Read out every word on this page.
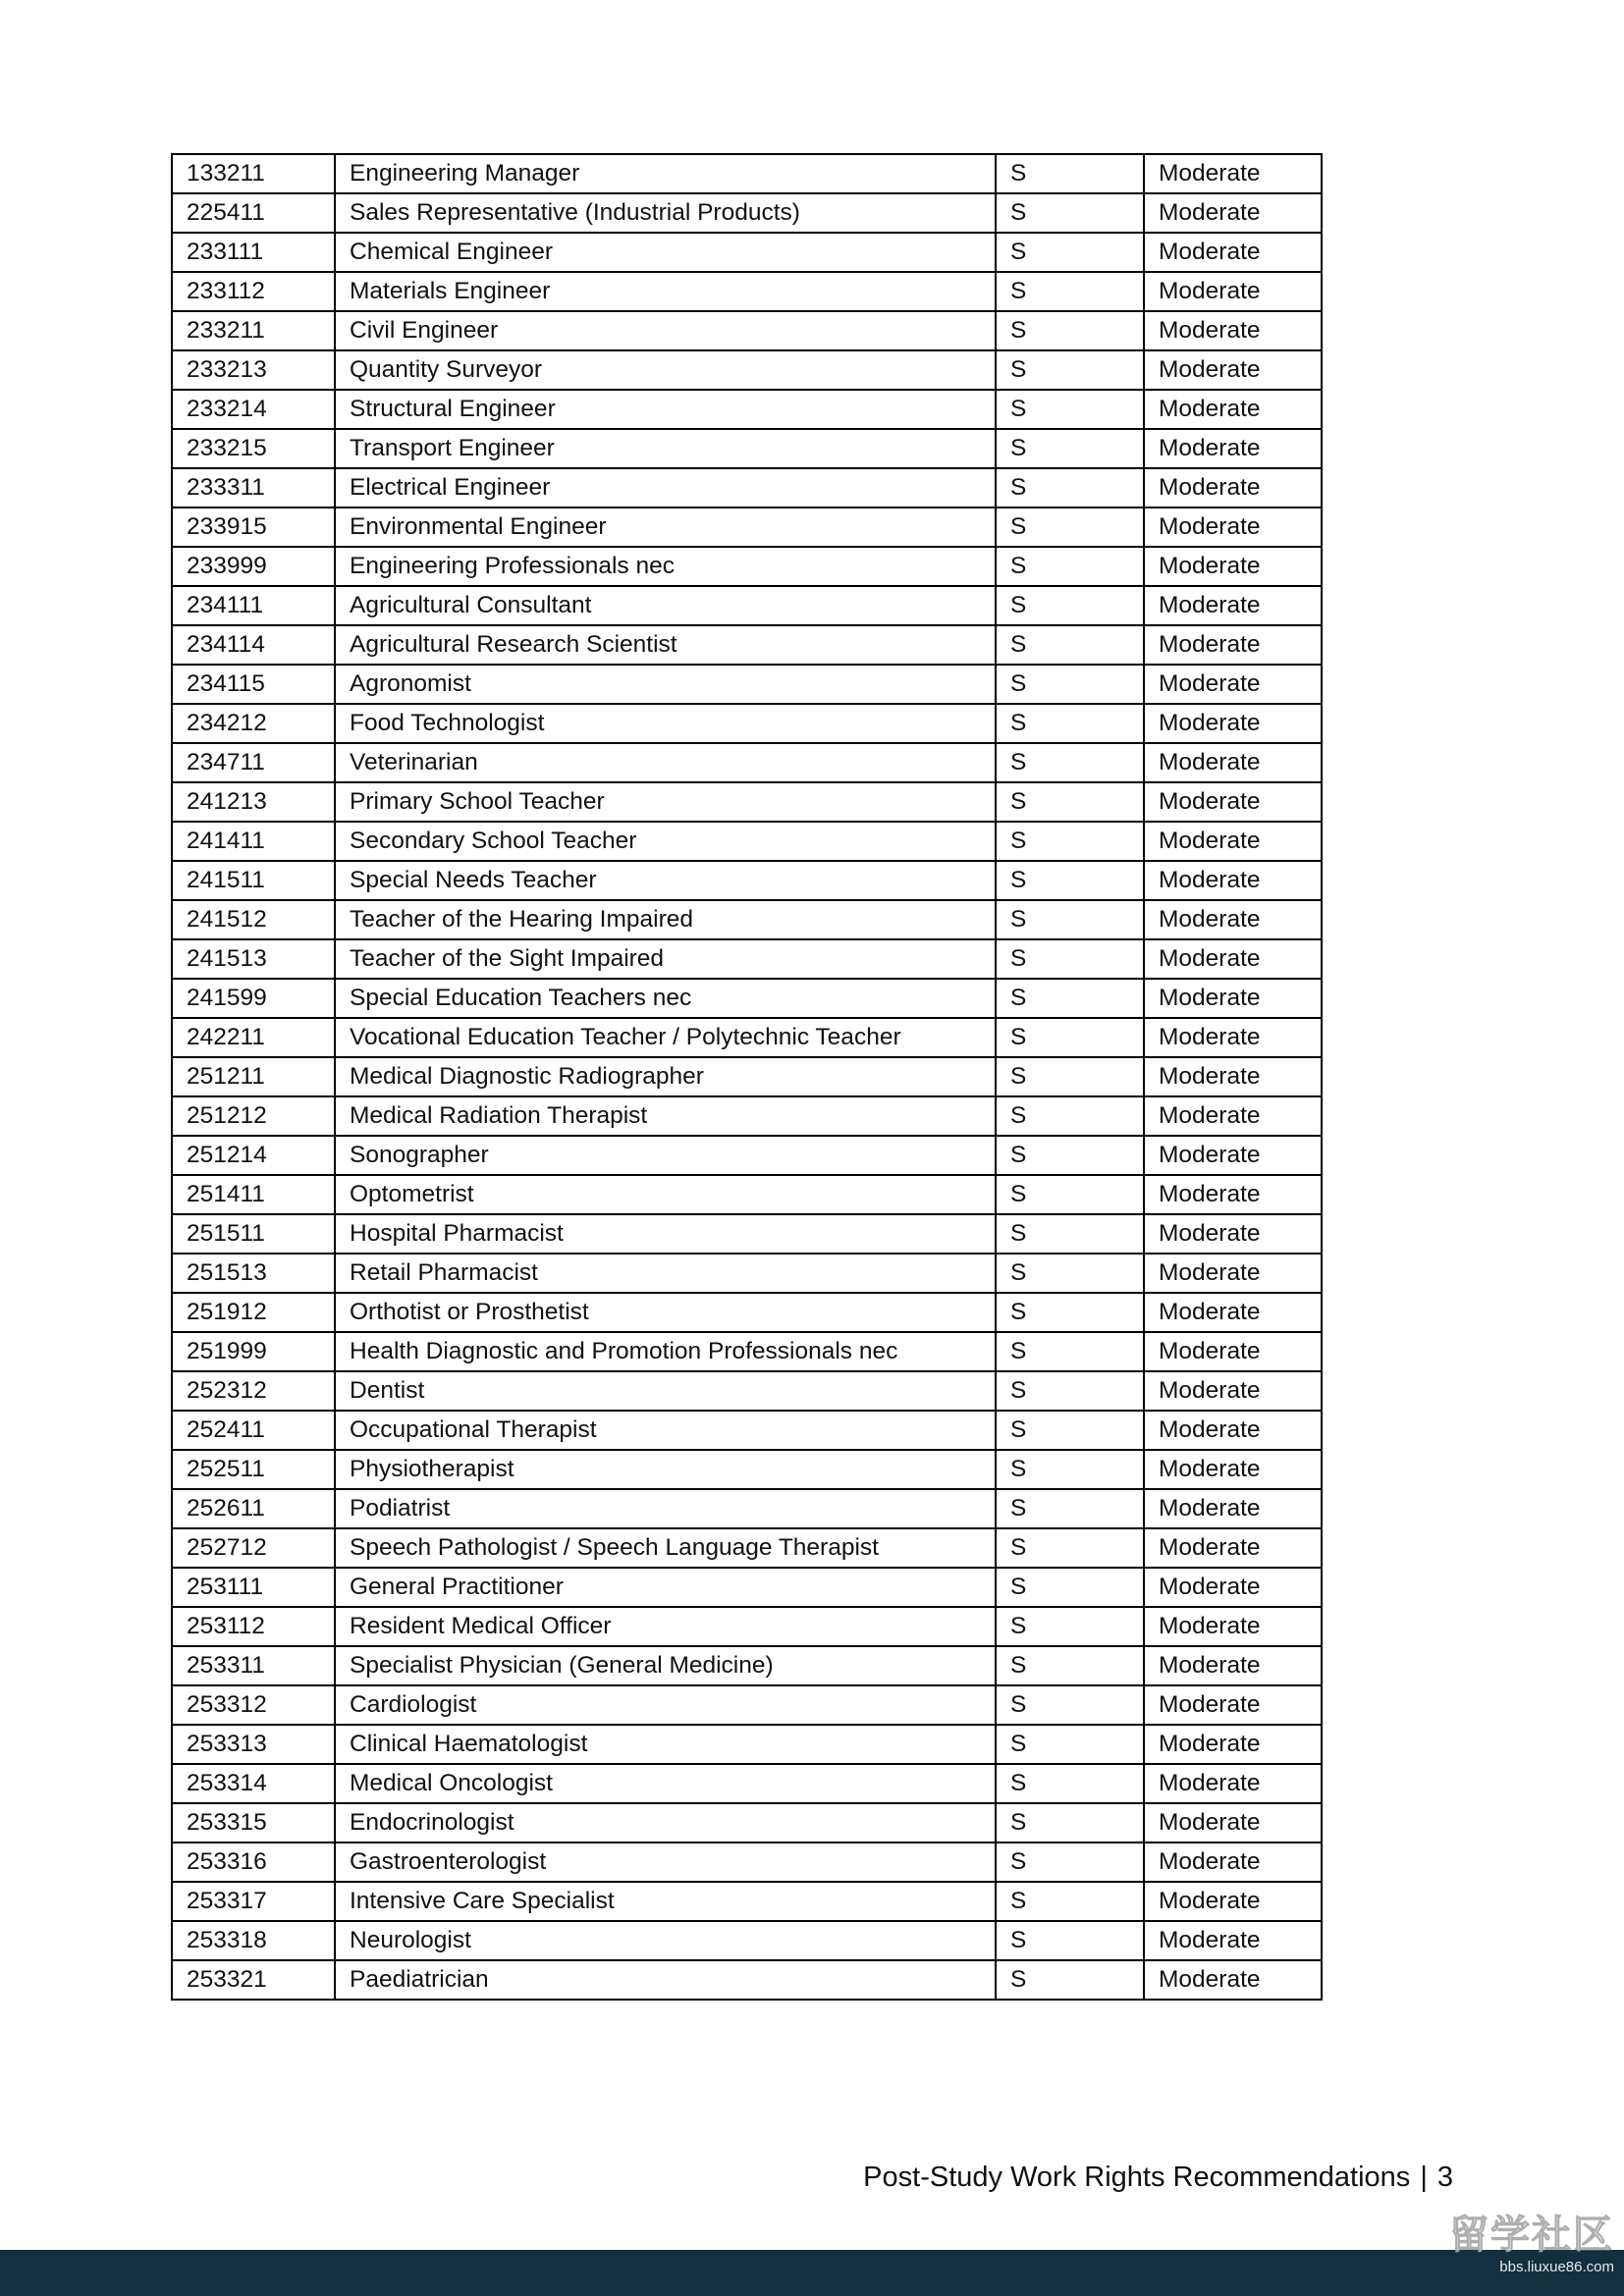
133211	Engineering Manager	S	Moderate
225411	Sales Representative (Industrial Products)	S	Moderate
233111	Chemical Engineer	S	Moderate
233112	Materials Engineer	S	Moderate
233211	Civil Engineer	S	Moderate
233213	Quantity Surveyor	S	Moderate
233214	Structural Engineer	S	Moderate
233215	Transport Engineer	S	Moderate
233311	Electrical Engineer	S	Moderate
233915	Environmental Engineer	S	Moderate
233999	Engineering Professionals nec	S	Moderate
234111	Agricultural Consultant	S	Moderate
234114	Agricultural Research Scientist	S	Moderate
234115	Agronomist	S	Moderate
234212	Food Technologist	S	Moderate
234711	Veterinarian	S	Moderate
241213	Primary School Teacher	S	Moderate
241411	Secondary School Teacher	S	Moderate
241511	Special Needs Teacher	S	Moderate
241512	Teacher of the Hearing Impaired	S	Moderate
241513	Teacher of the Sight Impaired	S	Moderate
241599	Special Education Teachers nec	S	Moderate
242211	Vocational Education Teacher / Polytechnic Teacher	S	Moderate
251211	Medical Diagnostic Radiographer	S	Moderate
251212	Medical Radiation Therapist	S	Moderate
251214	Sonographer	S	Moderate
251411	Optometrist	S	Moderate
251511	Hospital Pharmacist	S	Moderate
251513	Retail Pharmacist	S	Moderate
251912	Orthotist or Prosthetist	S	Moderate
251999	Health Diagnostic and Promotion Professionals nec	S	Moderate
252312	Dentist	S	Moderate
252411	Occupational Therapist	S	Moderate
252511	Physiotherapist	S	Moderate
252611	Podiatrist	S	Moderate
252712	Speech Pathologist / Speech Language Therapist	S	Moderate
253111	General Practitioner	S	Moderate
253112	Resident Medical Officer	S	Moderate
253311	Specialist Physician (General Medicine)	S	Moderate
253312	Cardiologist	S	Moderate
253313	Clinical Haematologist	S	Moderate
253314	Medical Oncologist	S	Moderate
253315	Endocrinologist	S	Moderate
253316	Gastroenterologist	S	Moderate
253317	Intensive Care Specialist	S	Moderate
253318	Neurologist	S	Moderate
253321	Paediatrician	S	Moderate
Post-Study Work Rights Recommendations | 3
留学社区
bbs.liuxue86.com
